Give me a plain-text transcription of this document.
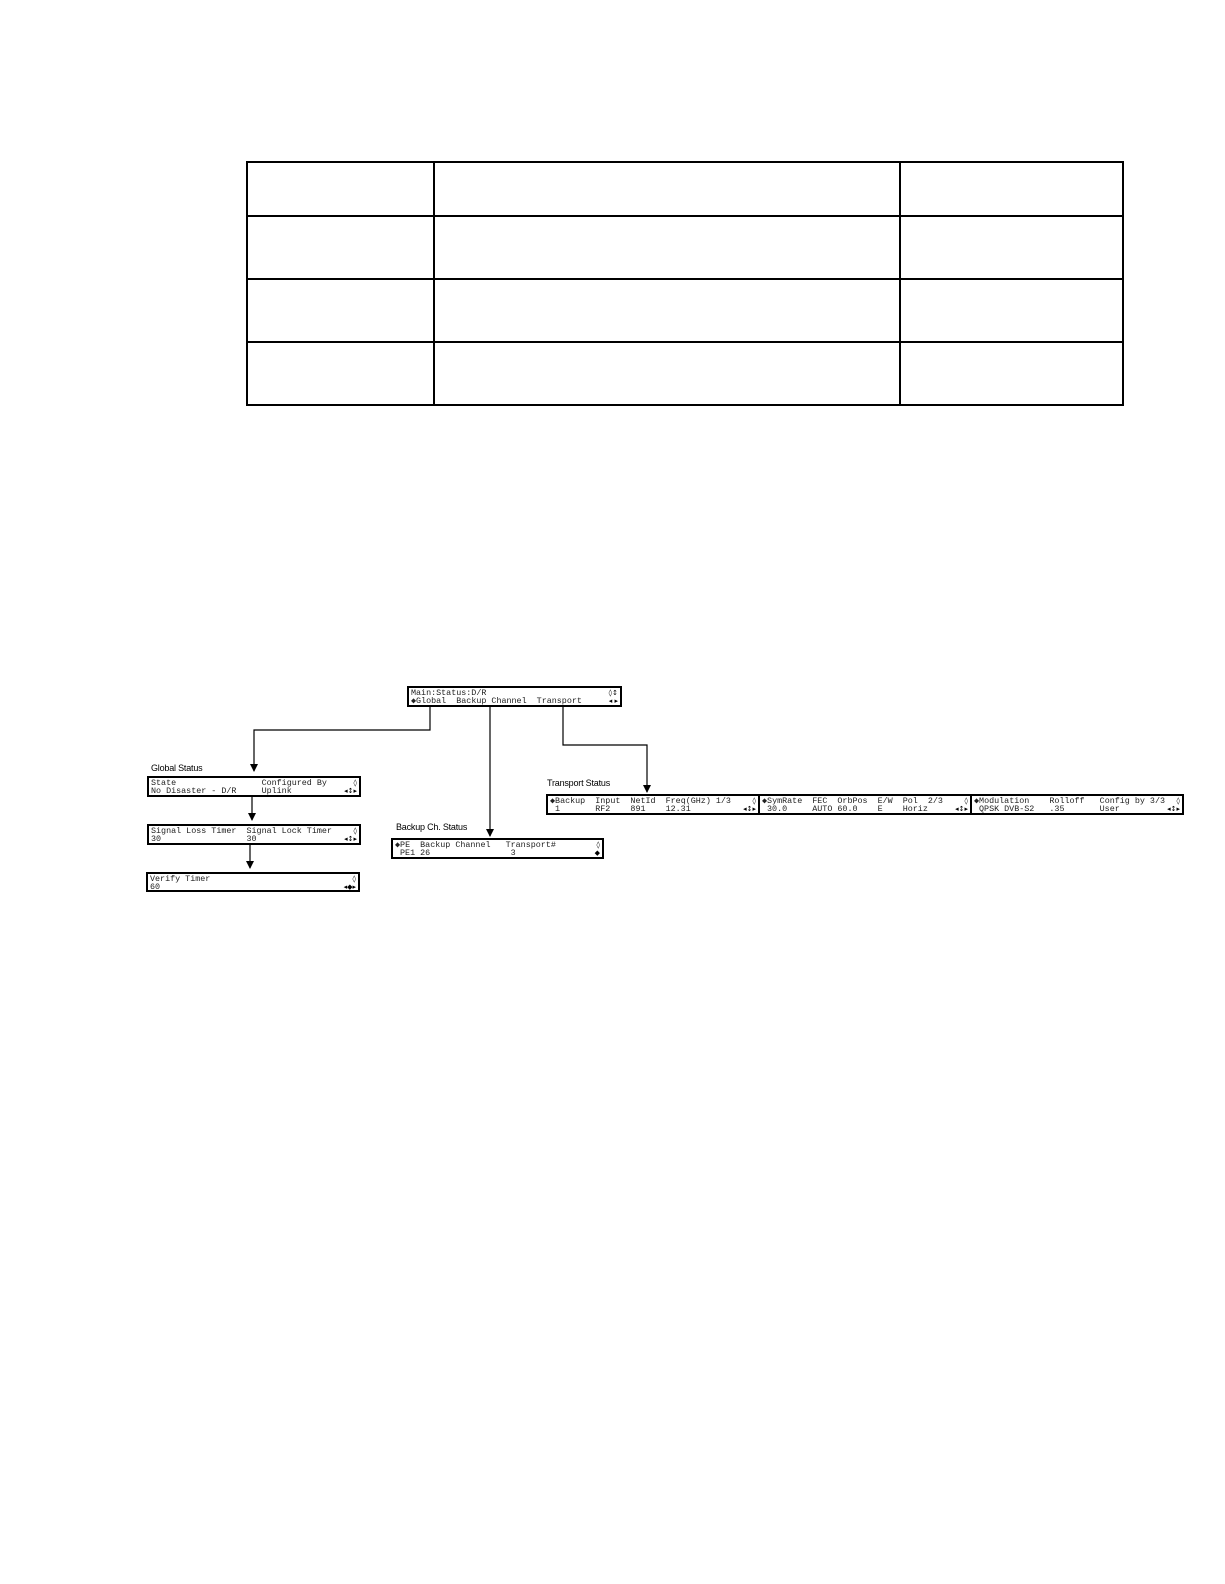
Main:Status:D/R
◆Global  Backup Channel  Transport
◊↕
◂ ▸
Global Status
State                 Configured By
No Disaster - D/R     Uplink
◊
◂↕▸
Signal Loss Timer  Signal Lock Timer
30                 30
◊
◂↕▸
Verify Timer
60
◊
◂◆▸
Backup Ch. Status
◆PE  Backup Channel   Transport#
PE1 26                3
◊
◆
Transport Status
◆Backup  Input  NetId  Freq(GHz) 1/3
1       RF2    891    12.31
◊
◂↕▸
◆SymRate  FEC  OrbPos  E/W  Pol  2/3
30.0     AUTO 60.0    E    Horiz
◊
◂↕▸
◆Modulation    Rolloff   Config by 3/3
QPSK DVB-S2   .35       User
◊
◂↕▸
